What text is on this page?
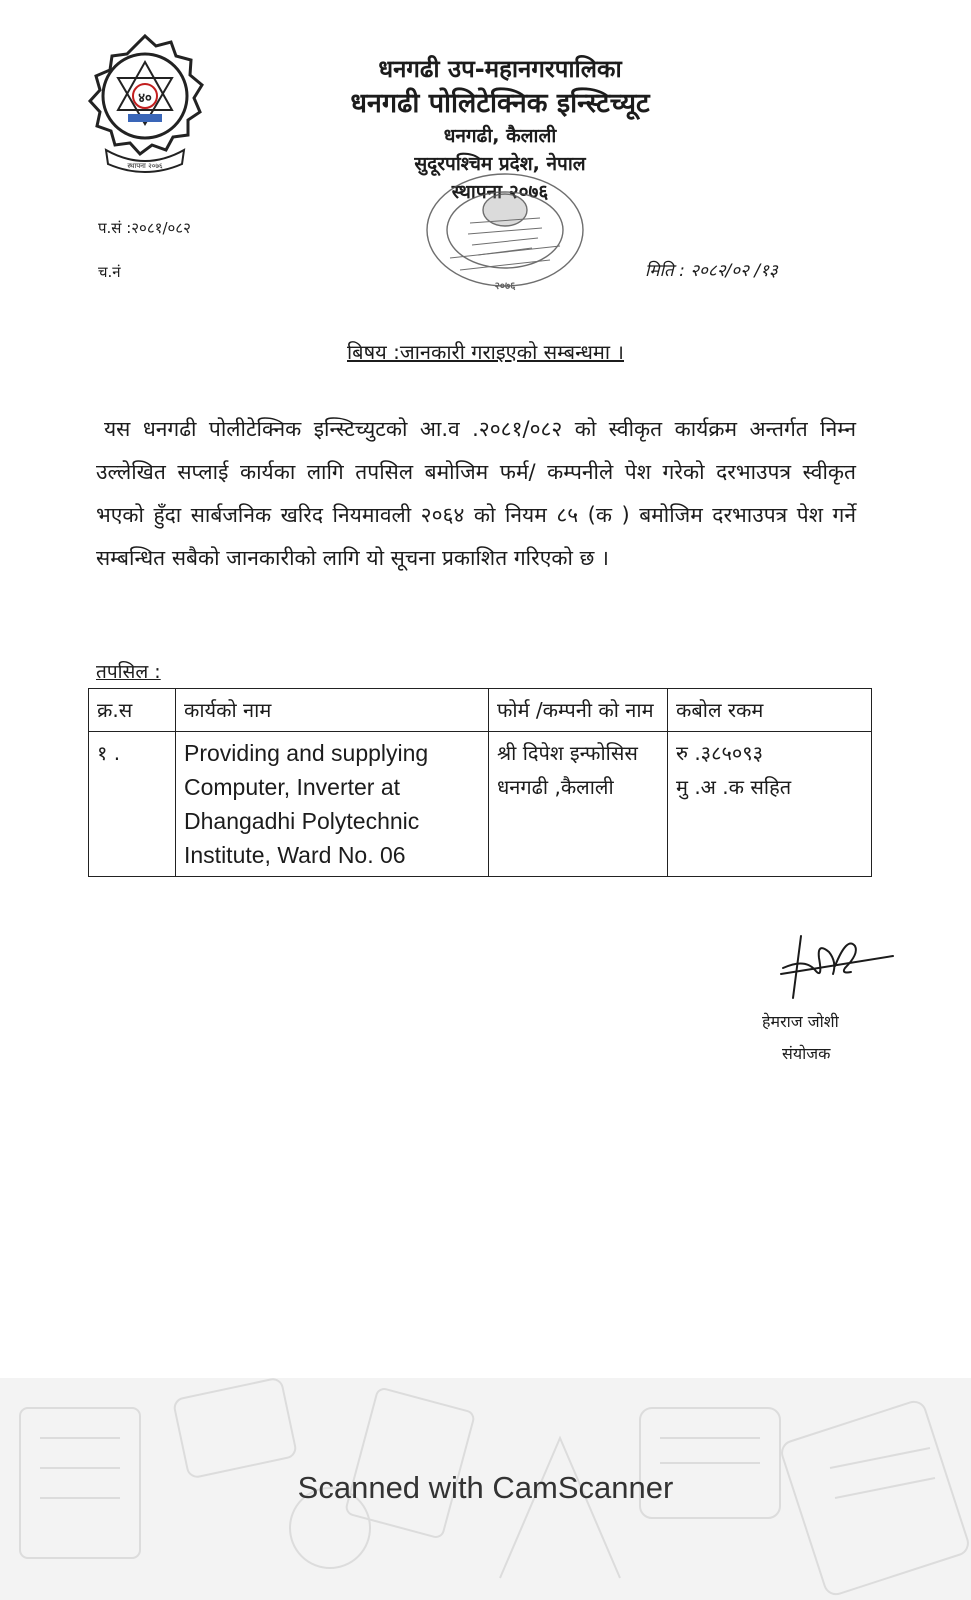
४०
स्थापना २०७६
धनगढी उप-महानगरपालिका
धनगढी पोलिटेक्निक इन्स्टिच्यूट
धनगढी, कैलाली
सुदूरपश्चिम प्रदेश, नेपाल
स्थापना २०७६
२०७६
प.सं :२०८१/०८२
च.नं	मिति : २०८२/०२ /१३
बिषय :जानकारी गराइएको सम्बन्धमा ।
यस धनगढी पोलीटेक्निक इन्स्टिच्युटको आ.व .२०८१/०८२ को स्वीकृत कार्यक्रम अन्तर्गत निम्न उल्लेखित सप्लाई कार्यका लागि तपसिल बमोजिम फर्म/ कम्पनीले पेश गरेको दरभाउपत्र स्वीकृत भएको हुँदा सार्बजनिक खरिद नियमावली २०६४ को नियम ८५ (क ) बमोजिम दरभाउपत्र पेश गर्ने सम्बन्धित सबैको जानकारीको लागि यो सूचना प्रकाशित गरिएको छ ।
तपसिल :
क्र.स	कार्यको नाम	फोर्म /कम्पनी को नाम	कबोल रकम
१ .	Providing and supplying Computer, Inverter at Dhangadhi Polytechnic Institute, Ward No. 06	श्री दिपेश इन्फोसिस धनगढी ,कैलाली	रु .३८५०९३
मु .अ .क सहित
हेमराज जोशी
संयोजक
Scanned with CamScanner
